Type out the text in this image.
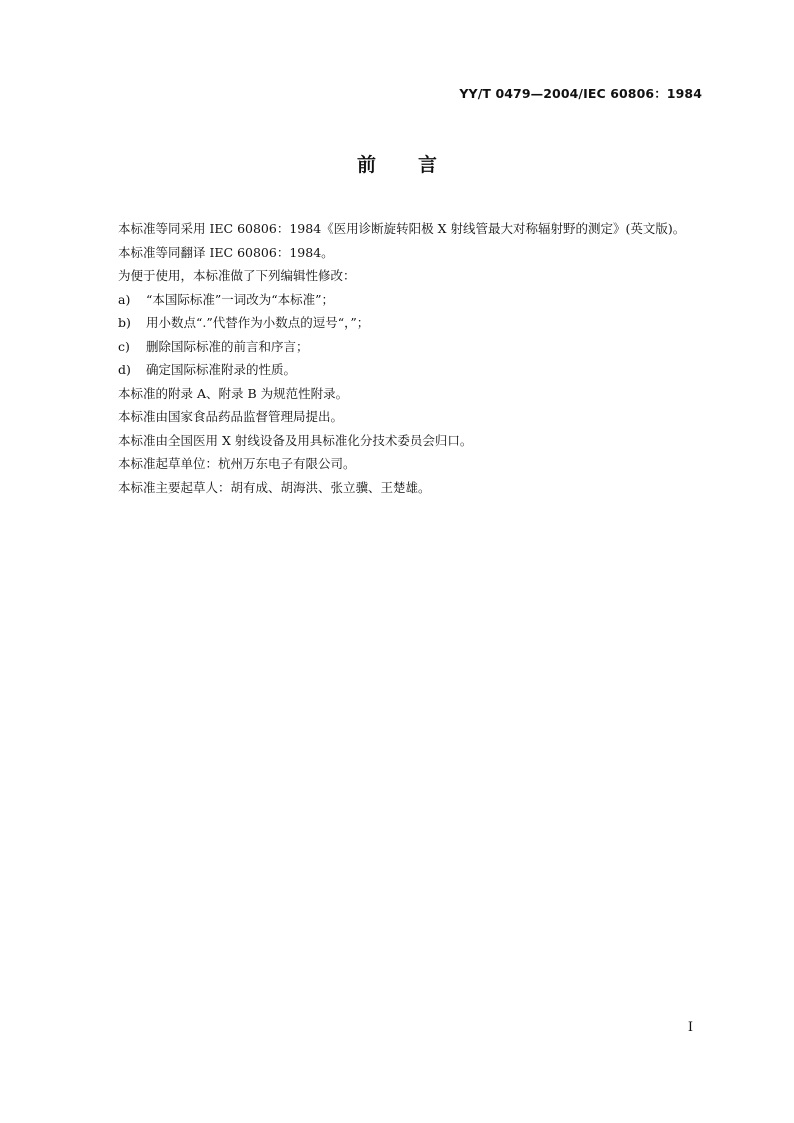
YY/T 0479—2004/IEC 60806：1984
前言
本标准等同采用 IEC 60806：1984《医用诊断旋转阳极 X 射线管最大对称辐射野的测定》(英文版)。
本标准等同翻译 IEC 60806：1984。
为便于使用，本标准做了下列编辑性修改：
a)	“本国际标准”一词改为“本标准”；
b)	用小数点“.”代替作为小数点的逗号“，”；
c)	删除国际标准的前言和序言；
d)	确定国际标准附录的性质。
本标准的附录 A、附录 B 为规范性附录。
本标准由国家食品药品监督管理局提出。
本标准由全国医用 X 射线设备及用具标准化分技术委员会归口。
本标准起草单位：杭州万东电子有限公司。
本标准主要起草人：胡有成、胡海洪、张立骥、王楚雄。
I
